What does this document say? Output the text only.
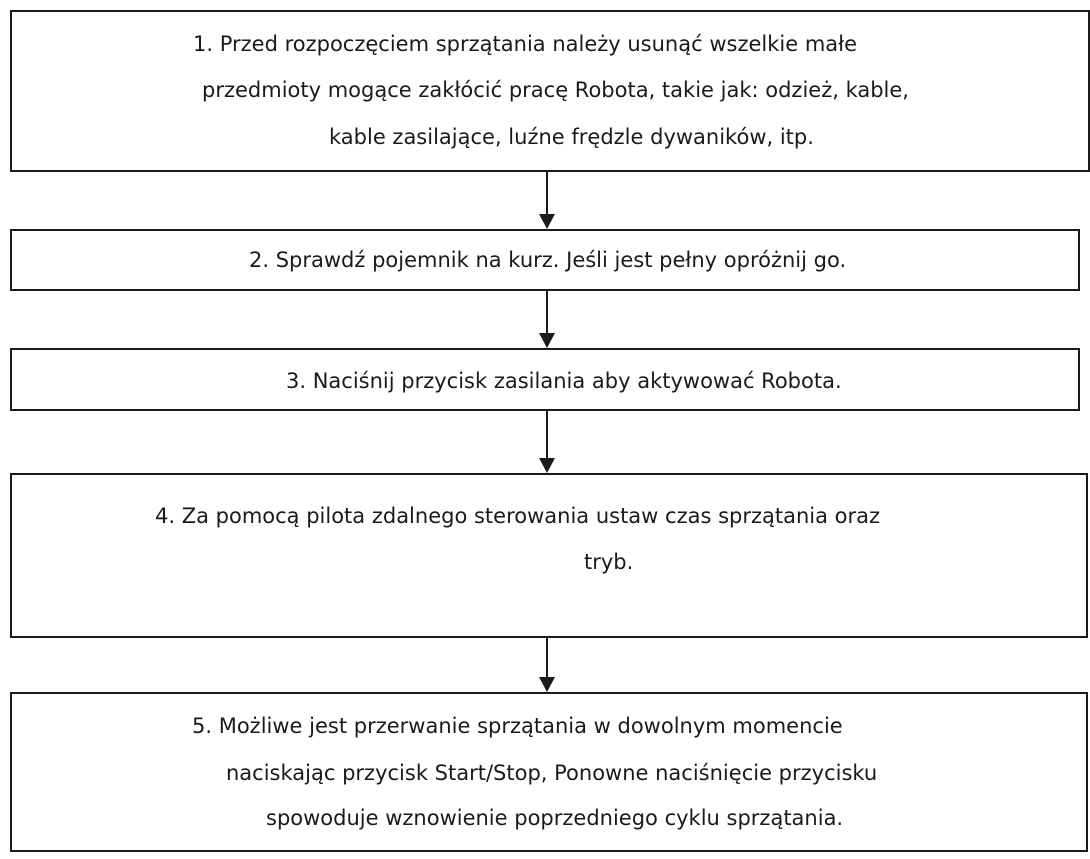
1. Przed rozpoczęciem sprzątania należy usunąć wszelkie małe

przedmioty mogące zakłócić pracę Robota, takie jak: odzież, kable,

kable zasilające, luźne frędzle dywaników, itp.

2. Sprawdź pojemnik na kurz. Jeśli jest pełny opróżnij go.

3. Naciśnij przycisk zasilania aby aktywować Robota.

4. Za pomocą pilota zdalnego sterowania ustaw czas sprzątania oraz

tryb.

5. Możliwe jest przerwanie sprzątania w dowolnym momencie

naciskając przycisk Start/Stop, Ponowne naciśnięcie przycisku

spowoduje wznowienie poprzedniego cyklu sprzątania.
